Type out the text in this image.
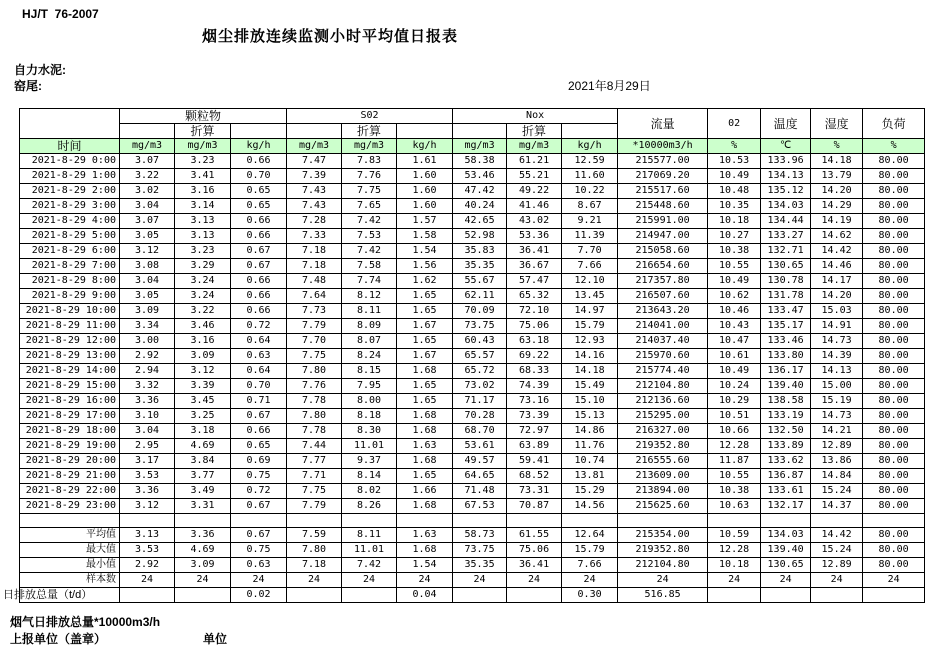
HJ/T  76-2007
烟尘排放连续监测小时平均值日报表
自力水泥:
窑尾:	2021年8月29日
	颗粒物			S02			Nox			流量	02	温度	湿度	负荷
		折算			折算			折算						
时间	mg/m3	mg/m3	kg/h	mg/m3	mg/m3	kg/h	mg/m3	mg/m3	kg/h	*10000m3/h	%	℃	%	%
2021-8-29 0:00	3.07	3.23	0.66	7.47	7.83	1.61	58.38	61.21	12.59	215577.00	10.53	133.96	14.18	80.00
2021-8-29 1:00	3.22	3.41	0.70	7.39	7.76	1.60	53.46	55.21	11.60	217069.20	10.49	134.13	13.79	80.00
2021-8-29 2:00	3.02	3.16	0.65	7.43	7.75	1.60	47.42	49.22	10.22	215517.60	10.48	135.12	14.20	80.00
2021-8-29 3:00	3.04	3.14	0.65	7.43	7.65	1.60	40.24	41.46	8.67	215448.60	10.35	134.03	14.29	80.00
2021-8-29 4:00	3.07	3.13	0.66	7.28	7.42	1.57	42.65	43.02	9.21	215991.00	10.18	134.44	14.19	80.00
2021-8-29 5:00	3.05	3.13	0.66	7.33	7.53	1.58	52.98	53.36	11.39	214947.00	10.27	133.27	14.62	80.00
2021-8-29 6:00	3.12	3.23	0.67	7.18	7.42	1.54	35.83	36.41	7.70	215058.60	10.38	132.71	14.42	80.00
2021-8-29 7:00	3.08	3.29	0.67	7.18	7.58	1.56	35.35	36.67	7.66	216654.60	10.55	130.65	14.46	80.00
2021-8-29 8:00	3.04	3.24	0.66	7.48	7.74	1.62	55.67	57.47	12.10	217357.80	10.49	130.78	14.17	80.00
2021-8-29 9:00	3.05	3.24	0.66	7.64	8.12	1.65	62.11	65.32	13.45	216507.60	10.62	131.78	14.20	80.00
2021-8-29 10:00	3.09	3.22	0.66	7.73	8.11	1.65	70.09	72.10	14.97	213643.20	10.46	133.47	15.03	80.00
2021-8-29 11:00	3.34	3.46	0.72	7.79	8.09	1.67	73.75	75.06	15.79	214041.00	10.43	135.17	14.91	80.00
2021-8-29 12:00	3.00	3.16	0.64	7.70	8.07	1.65	60.43	63.18	12.93	214037.40	10.47	133.46	14.73	80.00
2021-8-29 13:00	2.92	3.09	0.63	7.75	8.24	1.67	65.57	69.22	14.16	215970.60	10.61	133.80	14.39	80.00
2021-8-29 14:00	2.94	3.12	0.64	7.80	8.15	1.68	65.72	68.33	14.18	215774.40	10.49	136.17	14.13	80.00
2021-8-29 15:00	3.32	3.39	0.70	7.76	7.95	1.65	73.02	74.39	15.49	212104.80	10.24	139.40	15.00	80.00
2021-8-29 16:00	3.36	3.45	0.71	7.78	8.00	1.65	71.17	73.16	15.10	212136.60	10.29	138.58	15.19	80.00
2021-8-29 17:00	3.10	3.25	0.67	7.80	8.18	1.68	70.28	73.39	15.13	215295.00	10.51	133.19	14.73	80.00
2021-8-29 18:00	3.04	3.18	0.66	7.78	8.30	1.68	68.70	72.97	14.86	216327.00	10.66	132.50	14.21	80.00
2021-8-29 19:00	2.95	4.69	0.65	7.44	11.01	1.63	53.61	63.89	11.76	219352.80	12.28	133.89	12.89	80.00
2021-8-29 20:00	3.17	3.84	0.69	7.77	9.37	1.68	49.57	59.41	10.74	216555.60	11.87	133.62	13.86	80.00
2021-8-29 21:00	3.53	3.77	0.75	7.71	8.14	1.65	64.65	68.52	13.81	213609.00	10.55	136.87	14.84	80.00
2021-8-29 22:00	3.36	3.49	0.72	7.75	8.02	1.66	71.48	73.31	15.29	213894.00	10.38	133.61	15.24	80.00
2021-8-29 23:00	3.12	3.31	0.67	7.79	8.26	1.68	67.53	70.87	14.56	215625.60	10.63	132.17	14.37	80.00

平均值	3.13	3.36	0.67	7.59	8.11	1.63	58.73	61.55	12.64	215354.00	10.59	134.03	14.42	80.00
最大值	3.53	4.69	0.75	7.80	11.01	1.68	73.75	75.06	15.79	219352.80	12.28	139.40	15.24	80.00
最小值	2.92	3.09	0.63	7.18	7.42	1.54	35.35	36.41	7.66	212104.80	10.18	130.65	12.89	80.00
样本数	24	24	24	24	24	24	24	24	24	24	24	24	24	24
日排放总量（t/d）			0.02			0.04			0.30	516.85				
烟气日排放总量*10000m3/h
上报单位（盖章）	单位
